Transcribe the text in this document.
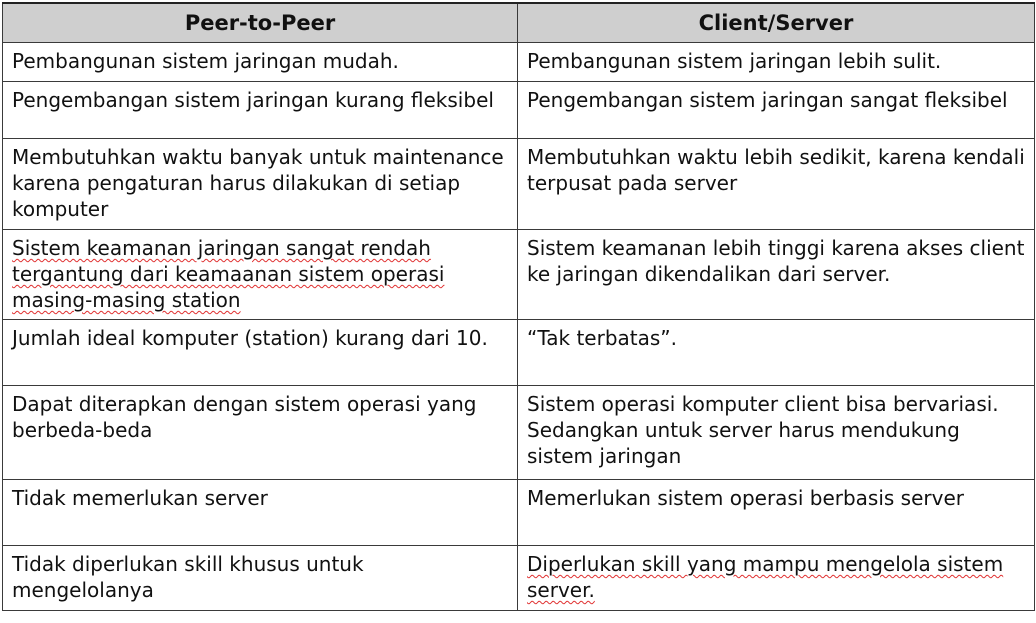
Peer-to-Peer	Client/Server
Pembangunan sistem jaringan mudah.	Pembangunan sistem jaringan lebih sulit.
Pengembangan sistem jaringan kurang fleksibel	Pengembangan sistem jaringan sangat fleksibel
Membutuhkan waktu banyak untuk maintenance karena pengaturan harus dilakukan di setiap komputer	Membutuhkan waktu lebih sedikit, karena kendali terpusat pada server
Sistem keamanan jaringan sangat rendah tergantung dari keamaanan sistem operasi masing-masing station	Sistem keamanan lebih tinggi karena akses client ke jaringan dikendalikan dari server.
Jumlah ideal komputer (station) kurang dari 10.	“Tak terbatas”.
Dapat diterapkan dengan sistem operasi yang berbeda-beda	Sistem operasi komputer client bisa bervariasi. Sedangkan untuk server harus mendukung sistem jaringan
Tidak memerlukan server	Memerlukan sistem operasi berbasis server
Tidak diperlukan skill khusus untuk mengelolanya	Diperlukan skill yang mampu mengelola sistem server.
